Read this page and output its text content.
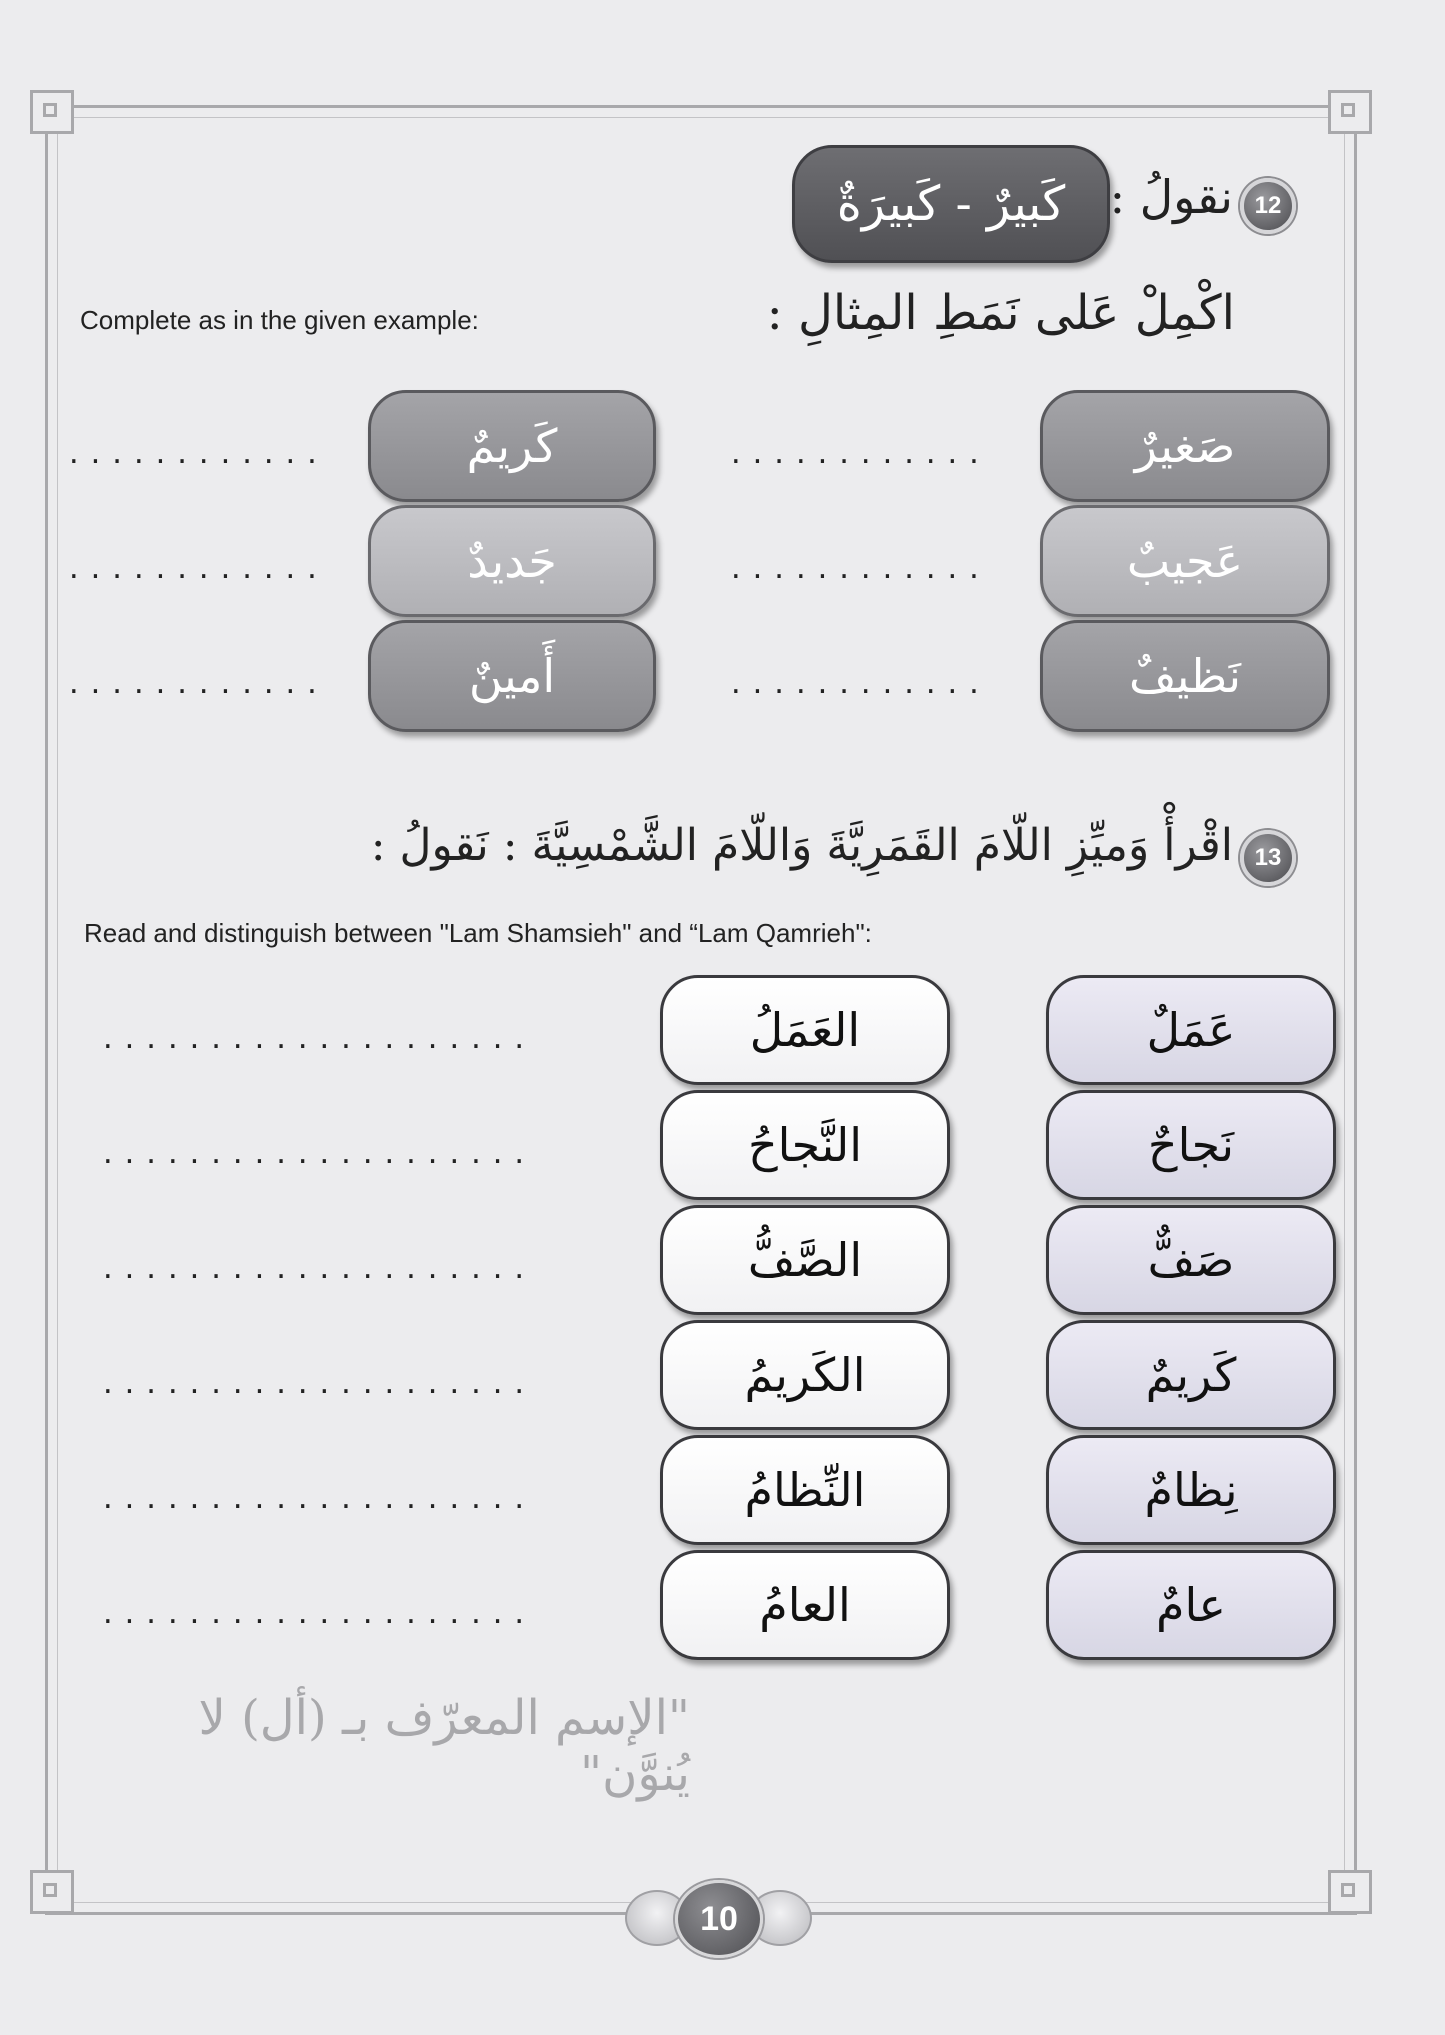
12
نقولُ :
كَبيرٌ - كَبيرَةٌ
اكْمِلْ عَلى نَمَطِ المِثالِ :
Complete as in the given example:
صَغيرٌ
عَجيبٌ
نَظيفٌ
............
............
............
كَريمٌ
جَديدٌ
أَمينٌ
............
............
............
13
اقْرأْ وَميِّزِ اللّامَ القَمَرِيَّةَ وَاللّامَ الشَّمْسِيَّةَ : نَقولُ :
Read and distinguish between "Lam Shamsieh" and “Lam Qamrieh":
عَمَلٌ
نَجاحٌ
صَفٌّ
كَريمٌ
نِظامٌ
عامٌ
العَمَلُ
النَّجاحُ
الصَّفُّ
الكَريمُ
النِّظامُ
العامُ
....................
....................
....................
....................
....................
....................
"الإسم المعرّف بـ (أل) لا يُنوَّن"
10
